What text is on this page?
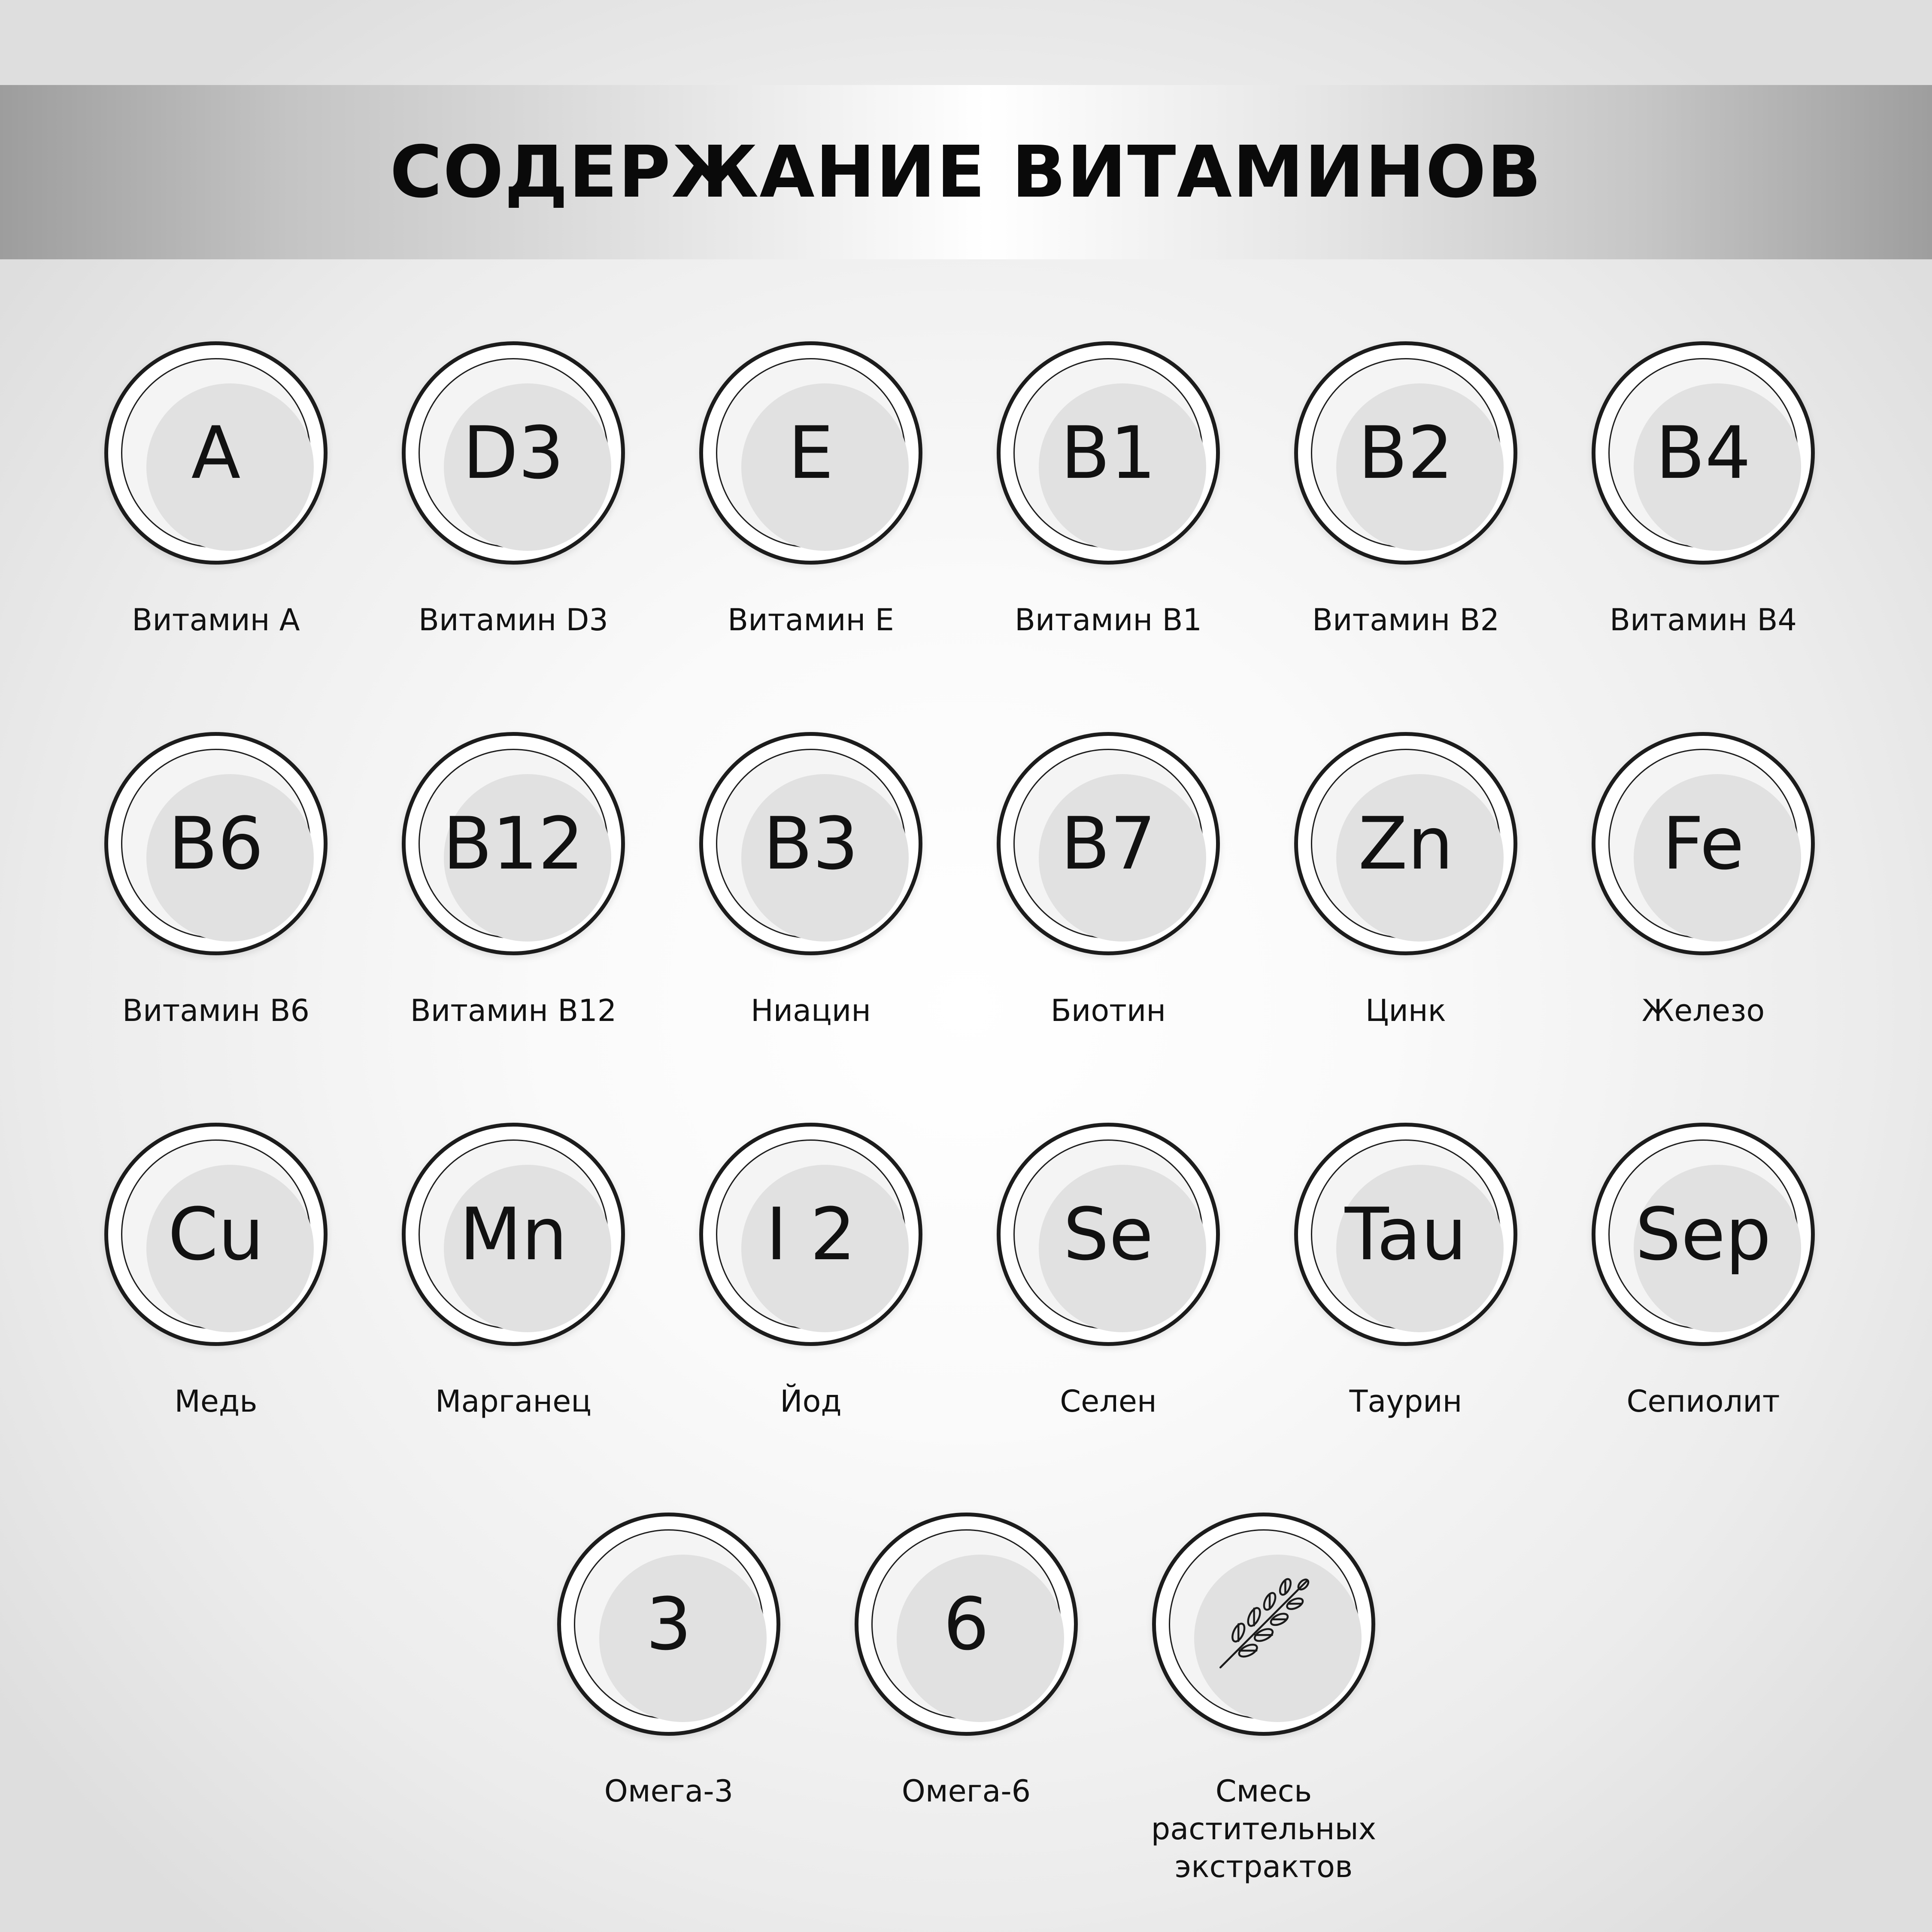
СОДЕРЖАНИЕ ВИТАМИНОВ
A
Витамин A
D3
Витамин D3
E
Витамин E
B1
Витамин B1
B2
Витамин B2
B4
Витамин B4
B6
Витамин B6
B12
Витамин B12
B3
Ниацин
B7
Биотин
Zn
Цинк
Fe
Железо
Cu
Медь
Mn
Марганец
I 2
Йод
Se
Селен
Tau
Таурин
Sep
Сепиолит
3
Омега-3
6
Омега-6	Смесь растительных
экстрактов
